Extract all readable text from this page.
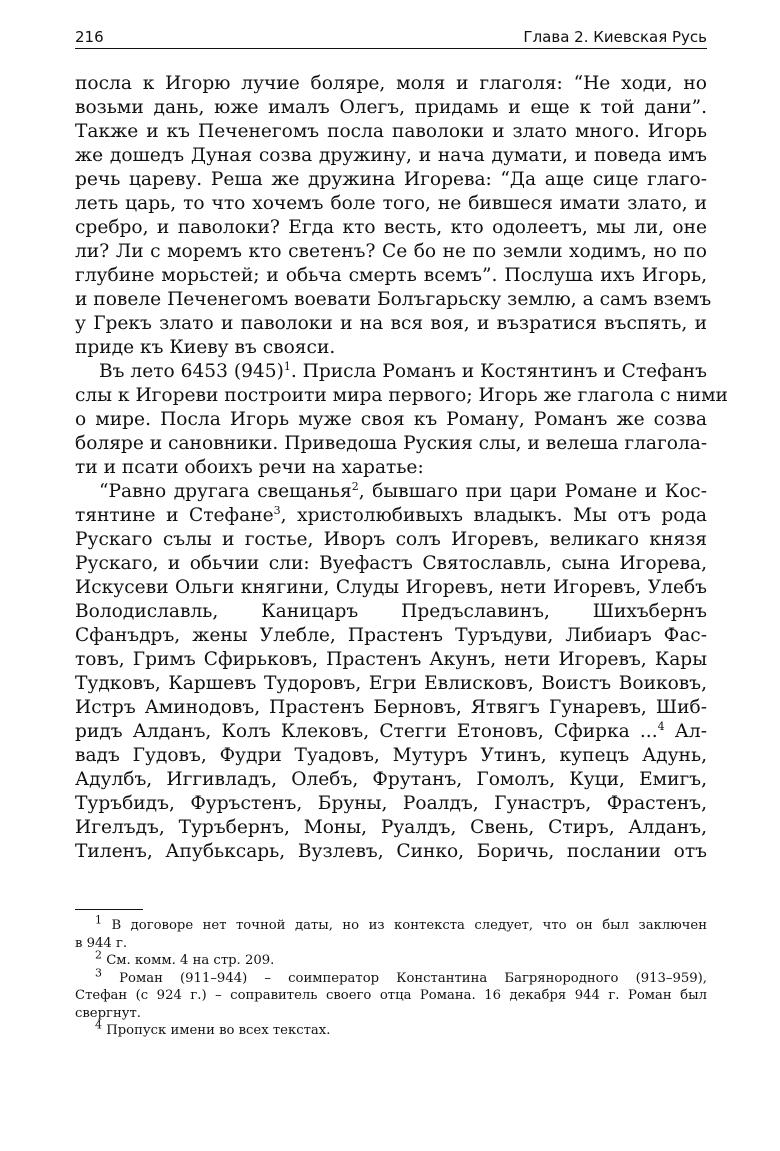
216	Глава 2. Киевская Русь
посла к Игорю лучие боляре, моля и глаголя: “Не ходи, но
возьми дань, юже ималъ Олегъ, придамь и еще к той дани”.
Также и къ Печенегомъ посла паволоки и злато много. Игорь
же дошедъ Дуная созва дружину, и нача думати, и поведа имъ
речь цареву. Реша же дружина Игорева: “Да аще сице глаго-
леть царь, то что хочемъ боле того, не бившеся имати злато, и
сребро, и паволоки? Егда кто весть, кто одолеетъ, мы ли, оне
ли? Ли с моремъ кто светенъ? Се бо не по земли ходимъ, но по
глубине морьстей; и обьча смерть всемъ”. Послуша ихъ Игорь,
и повеле Печенегомъ воевати Болъгарьску землю, а самъ вземъ
у Грекъ злато и паволоки и на вся воя, и възратися въспять, и
приде къ Киеву въ свояси.
Въ лето 6453 $(945)^1$. Присла Романъ и Костянтинъ и Стефанъ
слы к Игореви построити мира первого; Игорь же глагола с ними
о мире. Посла Игорь муже своя къ Роману, Романъ же созва
боляре и сановники. Приведоша Руския слы, и велеша глагола-
ти и псати обоихъ речи на харатье:
“Равно другага свещанья$^2$, бывшаго при цари Романе и Кос-
тянтине и Стефане$^3$, христолюбивыхъ владыкъ. Мы отъ рода
Рускаго сълы и гостье, Иворъ солъ Игоревъ, великаго князя
Рускаго, и обьчии сли: Вуефастъ Святославль, сына Игорева,
Искусеви Ольги княгини, Слуды Игоревъ, нети Игоревъ, Улебъ
Володиславль, Каницаръ Предъславинъ, Шихъбернъ
Сфанъдръ, жены Улебле, Прастенъ Туръдуви, Либиаръ Фас-
товъ, Гримъ Сфирьковъ, Прастенъ Акунъ, нети Игоревъ, Кары
Тудковъ, Каршевъ Тудоровъ, Егри Евлисковъ, Воистъ Воиковъ,
Истръ Аминодовъ, Прастенъ Берновъ, Ятвягъ Гунаревъ, Шиб-
ридъ Алданъ, Колъ Клековъ, Стегги Етоновъ, Сфирка ...$^4$ Ал-
вадъ Гудовъ, Фудри Туадовъ, Мутуръ Утинъ, купецъ Адунь,
Адулбъ, Иггивладъ, Олебъ, Фрутанъ, Гомолъ, Куци, Емигъ,
Туръбидъ, Фуръстенъ, Бруны, Роалдъ, Гунастръ, Фрастенъ,
Игелъдъ, Туръбернъ, Моны, Руалдъ, Свень, Стиръ, Алданъ,
Тиленъ, Апубьксарь, Вузлевъ, Синко, Боричь, послании отъ
$^1$ В договоре нет точной даты, но из контекста следует, что он был заключен
в 944 г.
$^2$ См. комм. 4 на стр. 209.
$^3$ Роман (911–944) – соимператор Константина Багрянородного (913–959),
Стефан (с 924 г.) – соправитель своего отца Романа. 16 декабря 944 г. Роман был
свергнут.
$^4$ Пропуск имени во всех текстах.
